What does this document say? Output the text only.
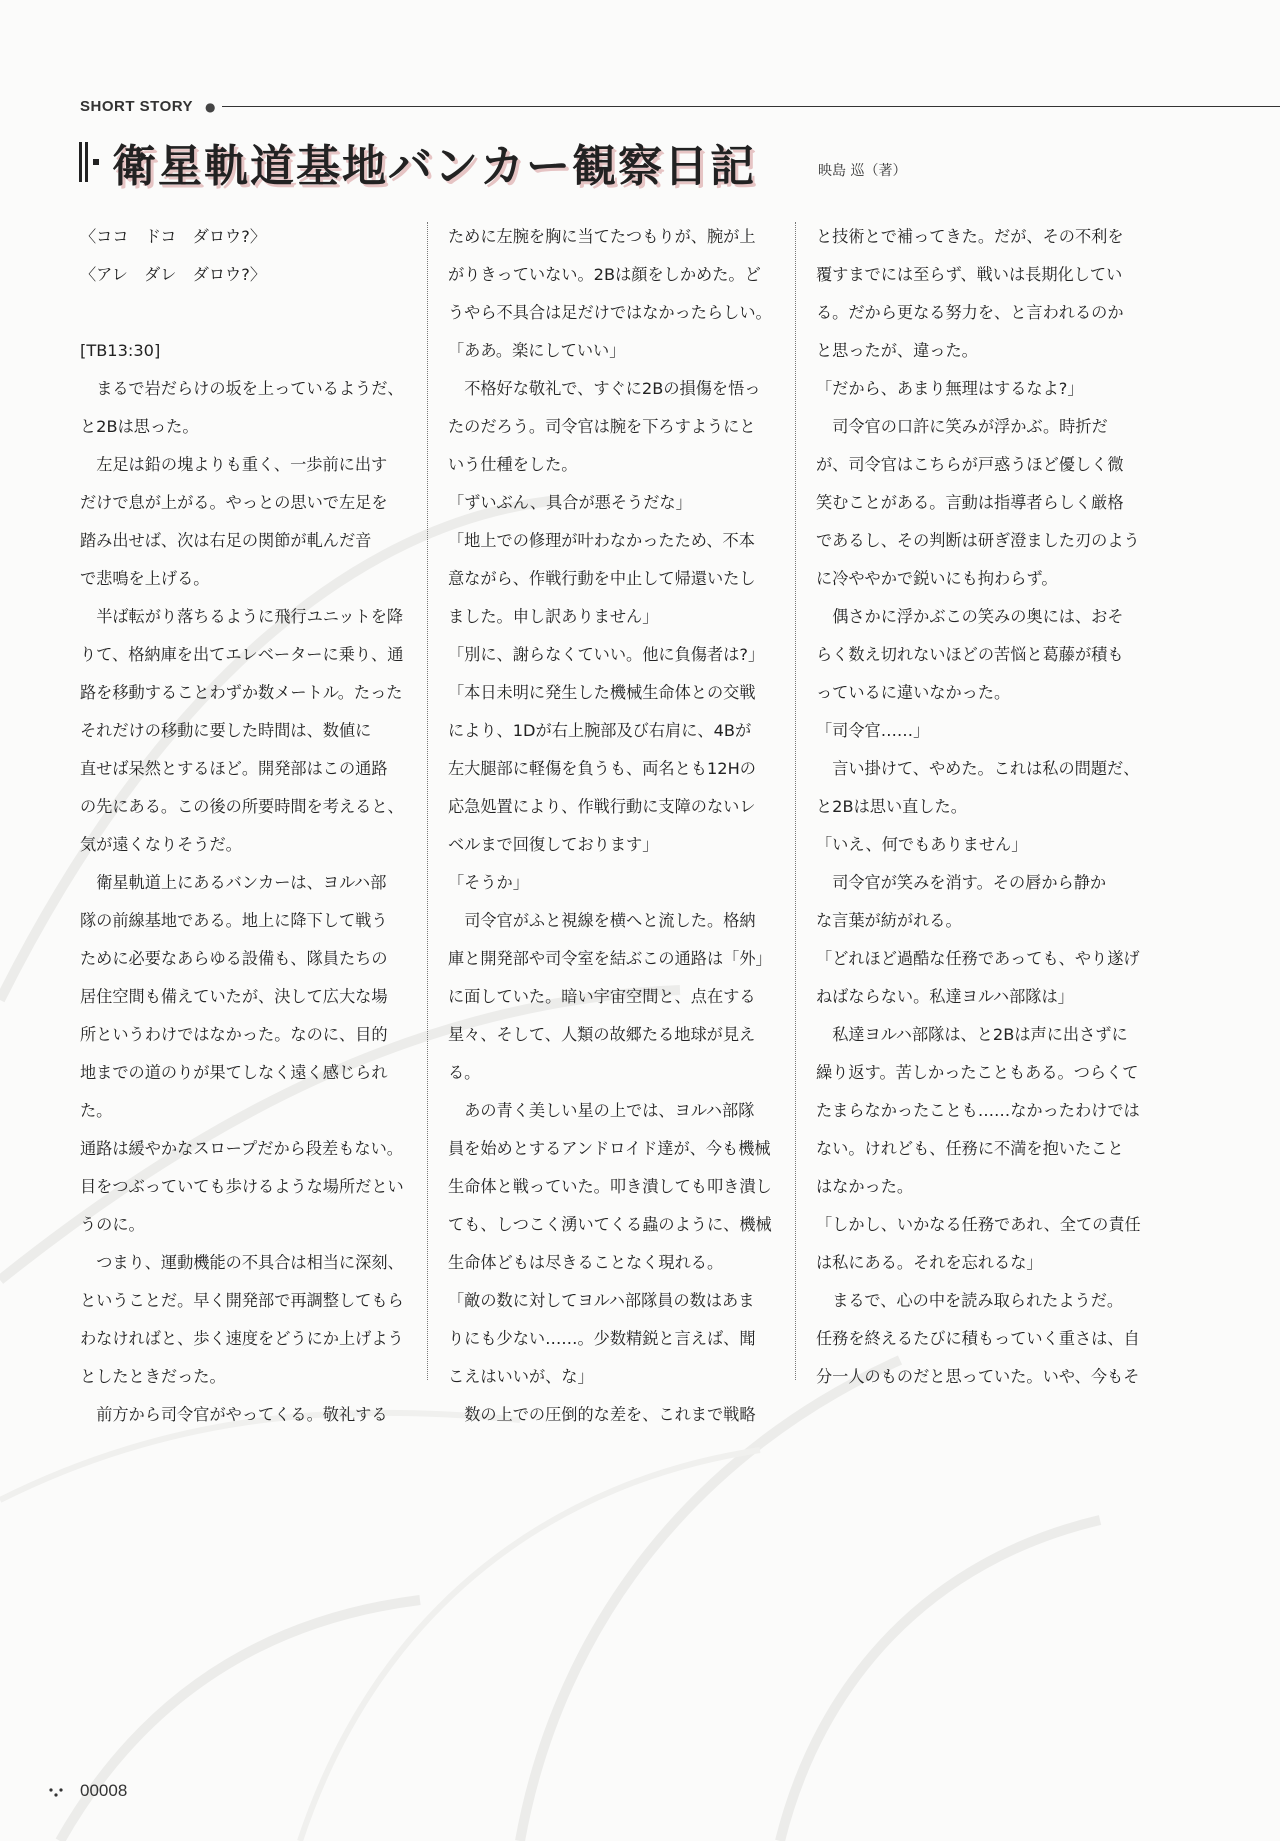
SHORT STORY ●
衛星軌道基地バンカー観察日記	映島 巡（著）

〈ココ　ドコ　ダロウ?〉
〈アレ　ダレ　ダロウ?〉

[TB13:30]

まるで岩だらけの坂を上っているようだ、
と2Bは思った。

左足は鉛の塊よりも重く、一歩前に出す
だけで息が上がる。やっとの思いで左足を
踏み出せば、次は右足の関節が軋んだ音
で悲鳴を上げる。

半ば転がり落ちるように飛行ユニットを降
りて、格納庫を出てエレベーターに乗り、通
路を移動することわずか数メートル。たった
それだけの移動に要した時間は、数値に
直せば呆然とするほど。開発部はこの通路
の先にある。この後の所要時間を考えると、
気が遠くなりそうだ。

衛星軌道上にあるバンカーは、ヨルハ部
隊の前線基地である。地上に降下して戦う
ために必要なあらゆる設備も、隊員たちの
居住空間も備えていたが、決して広大な場
所というわけではなかった。なのに、目的
地までの道のりが果てしなく遠く感じられた。
通路は緩やかなスロープだから段差もない。
目をつぶっていても歩けるような場所だとい
うのに。

つまり、運動機能の不具合は相当に深刻、
ということだ。早く開発部で再調整してもら
わなければと、歩く速度をどうにか上げよう
としたときだった。

前方から司令官がやってくる。敬礼する

ために左腕を胸に当てたつもりが、腕が上
がりきっていない。2Bは顔をしかめた。ど
うやら不具合は足だけではなかったらしい。

「ああ。楽にしていい」

不格好な敬礼で、すぐに2Bの損傷を悟っ
たのだろう。司令官は腕を下ろすようにと
いう仕種をした。

「ずいぶん、具合が悪そうだな」

「地上での修理が叶わなかったため、不本
意ながら、作戦行動を中止して帰還いたし
ました。申し訳ありません」

「別に、謝らなくていい。他に負傷者は?」

「本日未明に発生した機械生命体との交戦
により、1Dが右上腕部及び右肩に、4Bが
左大腿部に軽傷を負うも、両名とも12Hの
応急処置により、作戦行動に支障のないレ
ベルまで回復しております」

「そうか」

司令官がふと視線を横へと流した。格納
庫と開発部や司令室を結ぶこの通路は「外」
に面していた。暗い宇宙空間と、点在する
星々、そして、人類の故郷たる地球が見える。

あの青く美しい星の上では、ヨルハ部隊
員を始めとするアンドロイド達が、今も機械
生命体と戦っていた。叩き潰しても叩き潰し
ても、しつこく湧いてくる蟲のように、機械
生命体どもは尽きることなく現れる。

「敵の数に対してヨルハ部隊員の数はあま
りにも少ない……。少数精鋭と言えば、聞
こえはいいが、な」

数の上での圧倒的な差を、これまで戦略

と技術とで補ってきた。だが、その不利を
覆すまでには至らず、戦いは長期化してい
る。だから更なる努力を、と言われるのか
と思ったが、違った。

「だから、あまり無理はするなよ?」

司令官の口許に笑みが浮かぶ。時折だ
が、司令官はこちらが戸惑うほど優しく微
笑むことがある。言動は指導者らしく厳格
であるし、その判断は研ぎ澄ました刃のよう
に冷ややかで鋭いにも拘わらず。

偶さかに浮かぶこの笑みの奥には、おそ
らく数え切れないほどの苦悩と葛藤が積も
っているに違いなかった。

「司令官……」

言い掛けて、やめた。これは私の問題だ、
と2Bは思い直した。

「いえ、何でもありません」

司令官が笑みを消す。その唇から静か
な言葉が紡がれる。

「どれほど過酷な任務であっても、やり遂げ
ねばならない。私達ヨルハ部隊は」

私達ヨルハ部隊は、と2Bは声に出さずに
繰り返す。苦しかったこともある。つらくて
たまらなかったことも……なかったわけでは
ない。けれども、任務に不満を抱いたこと
はなかった。

「しかし、いかなる任務であれ、全ての責任
は私にある。それを忘れるな」

まるで、心の中を読み取られたようだ。
任務を終えるたびに積もっていく重さは、自
分一人のものだと思っていた。いや、今もそ

00008
